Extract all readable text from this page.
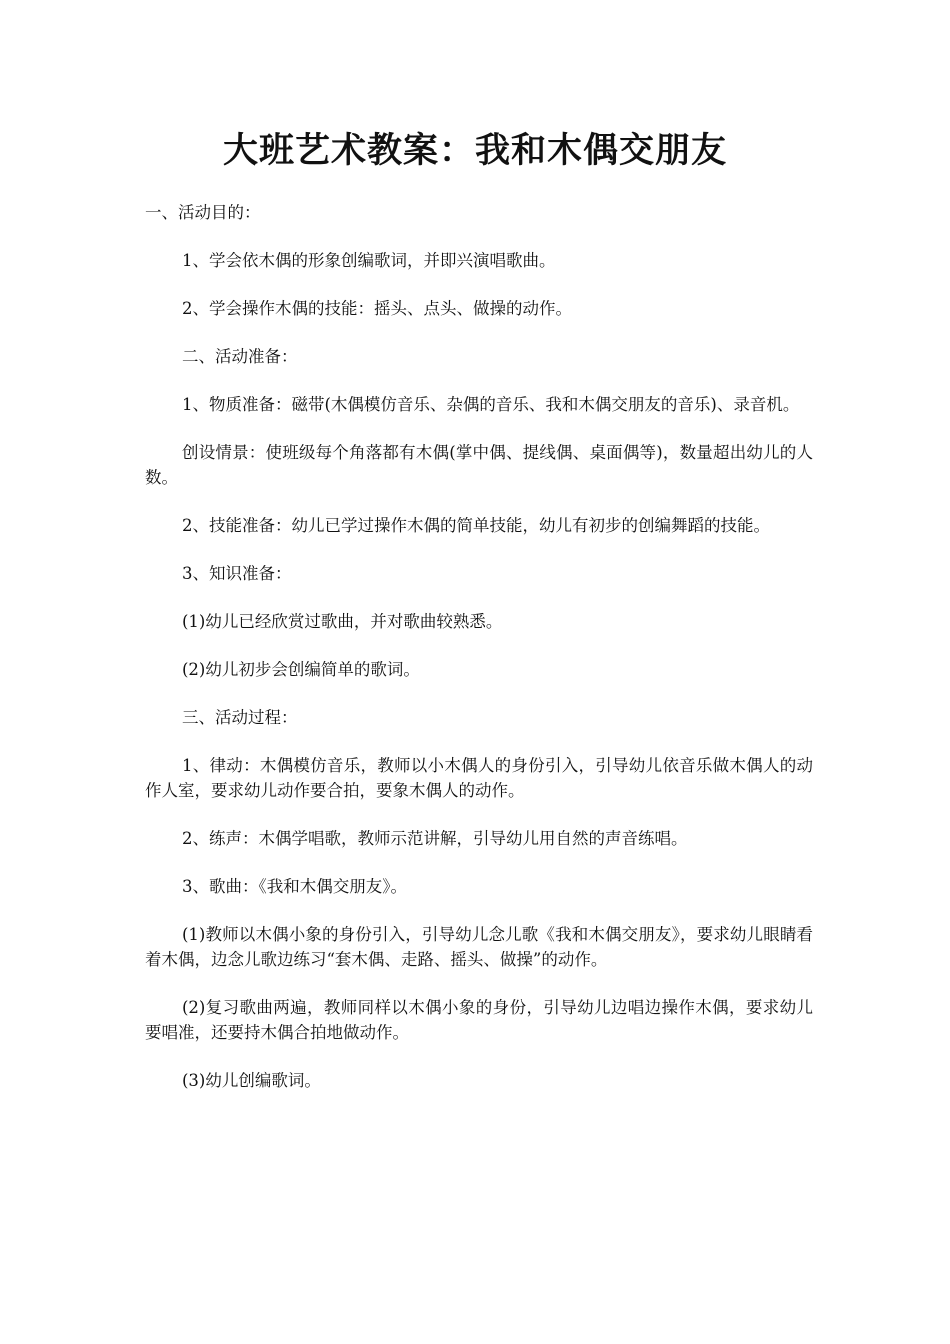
大班艺术教案：我和木偶交朋友

一、活动目的：

1、学会依木偶的形象创编歌词，并即兴演唱歌曲。

2、学会操作木偶的技能：摇头、点头、做操的动作。

二、活动准备：

1、物质准备：磁带(木偶模仿音乐、杂偶的音乐、我和木偶交朋友的音乐)、录音机。

创设情景：使班级每个角落都有木偶(掌中偶、提线偶、桌面偶等)，数量超出幼儿的人数。

2、技能准备：幼儿已学过操作木偶的简单技能，幼儿有初步的创编舞蹈的技能。

3、知识准备：

(1)幼儿已经欣赏过歌曲，并对歌曲较熟悉。

(2)幼儿初步会创编简单的歌词。

三、活动过程：

1、律动：木偶模仿音乐，教师以小木偶人的身份引入，引导幼儿依音乐做木偶人的动作人室，要求幼儿动作要合拍，要象木偶人的动作。

2、练声：木偶学唱歌，教师示范讲解，引导幼儿用自然的声音练唱。

3、歌曲：《我和木偶交朋友》。

(1)教师以木偶小象的身份引入，引导幼儿念儿歌《我和木偶交朋友》，要求幼儿眼睛看着木偶，边念儿歌边练习“套木偶、走路、摇头、做操”的动作。

(2)复习歌曲两遍，教师同样以木偶小象的身份，引导幼儿边唱边操作木偶，要求幼儿要唱准，还要持木偶合拍地做动作。

(3)幼儿创编歌词。
